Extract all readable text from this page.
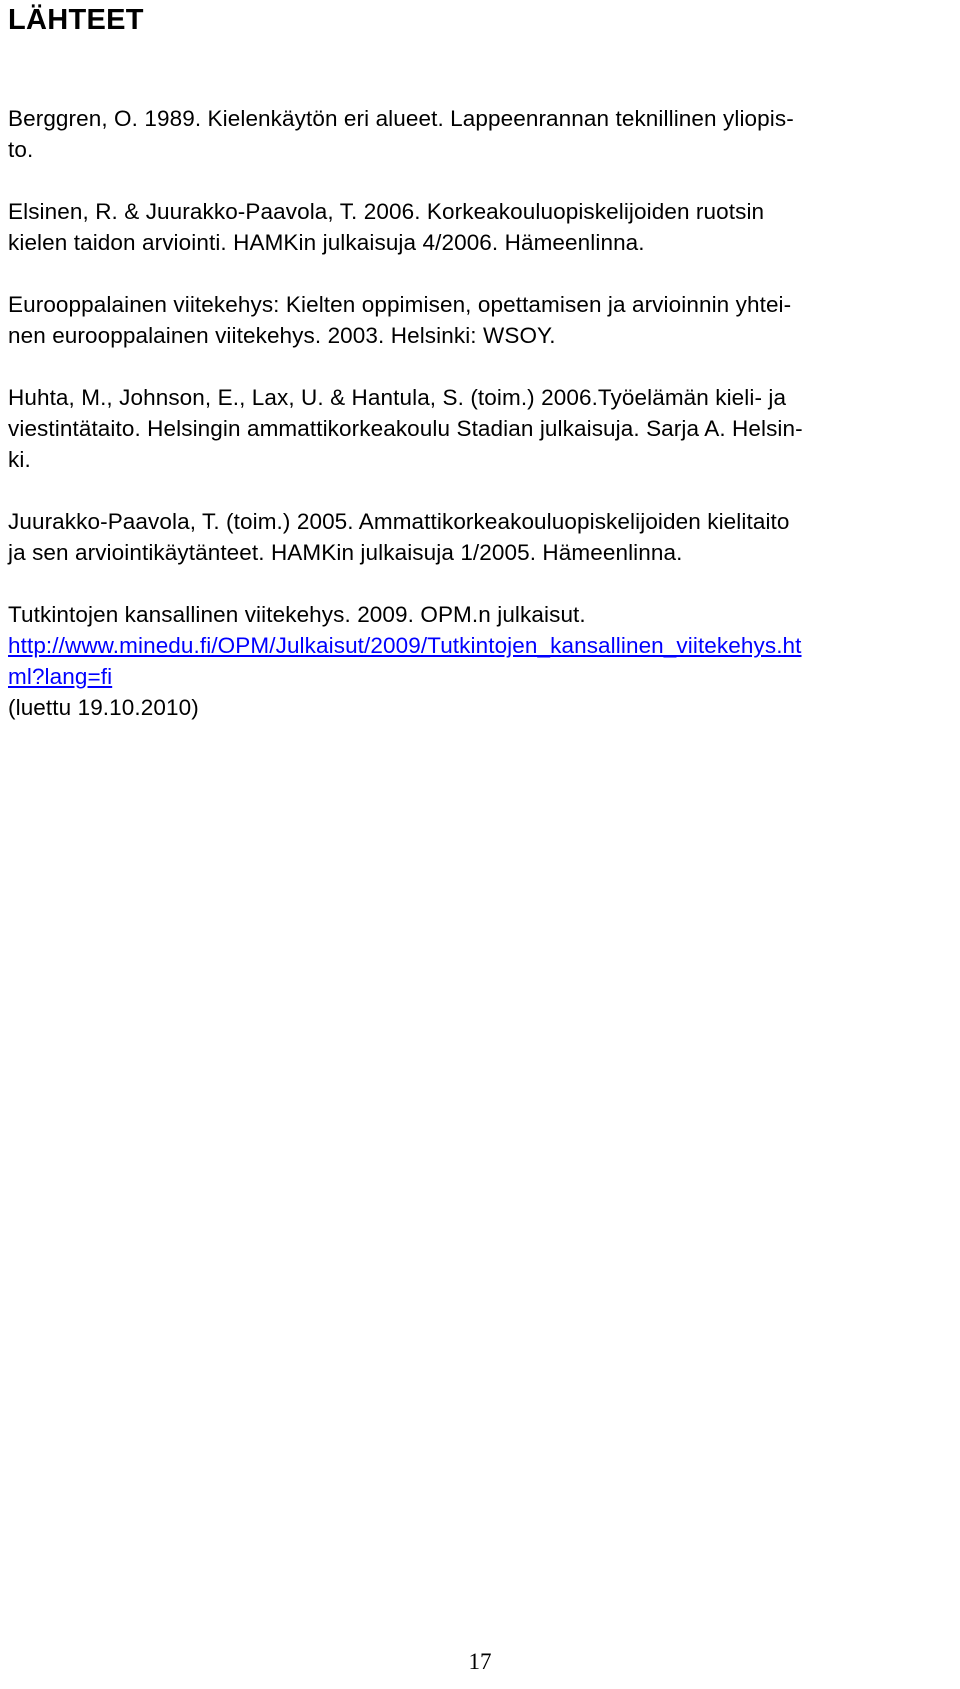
LÄHTEET

Berggren, O. 1989. Kielenkäytön eri alueet. Lappeenrannan teknillinen yliopis-
to.

Elsinen, R. & Juurakko-Paavola, T. 2006. Korkeakouluopiskelijoiden ruotsin
kielen taidon arviointi. HAMKin julkaisuja 4/2006. Hämeenlinna.

Eurooppalainen viitekehys: Kielten oppimisen, opettamisen ja arvioinnin yhtei-
nen eurooppalainen viitekehys. 2003. Helsinki: WSOY.

Huhta, M., Johnson, E., Lax, U. & Hantula, S. (toim.) 2006.Työelämän kieli- ja
viestintätaito. Helsingin ammattikorkeakoulu Stadian julkaisuja. Sarja A. Helsin-
ki.

Juurakko-Paavola, T. (toim.) 2005. Ammattikorkeakouluopiskelijoiden kielitaito
ja sen arviointikäytänteet. HAMKin julkaisuja 1/2005. Hämeenlinna.

Tutkintojen kansallinen viitekehys. 2009. OPM.n julkaisut.
http://www.minedu.fi/OPM/Julkaisut/2009/Tutkintojen_kansallinen_viitekehys.ht
ml?lang=fi
(luettu 19.10.2010)

17
